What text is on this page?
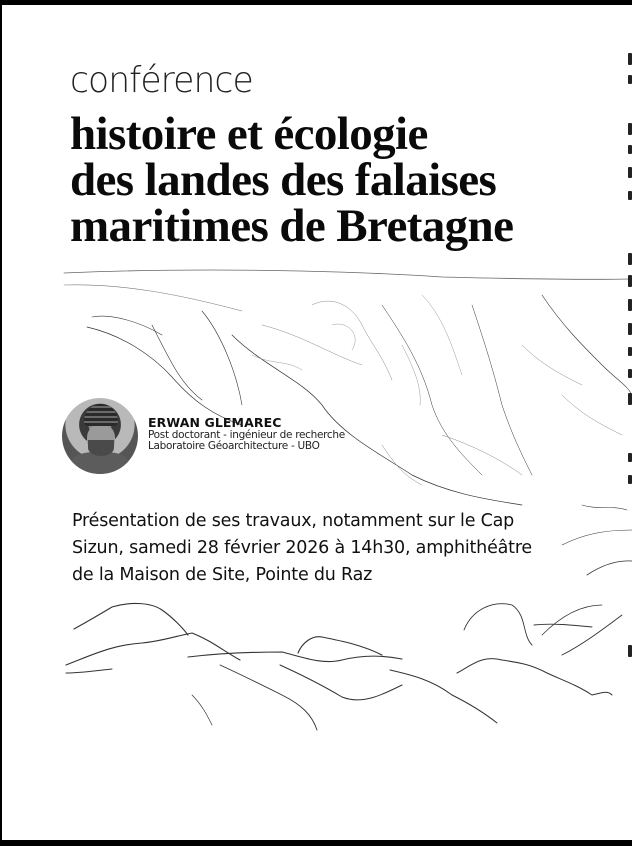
conférence
histoire et écologie
des landes des falaises
maritimes de Bretagne
ERWAN GLEMAREC
Post doctorant - ingénieur de recherche
Laboratoire Géoarchitecture - UBO

Présentation de ses travaux, notamment sur le Cap
Sizun, samedi 28 février 2026 à 14h30, amphithéâtre
de la Maison de Site, Pointe du Raz
